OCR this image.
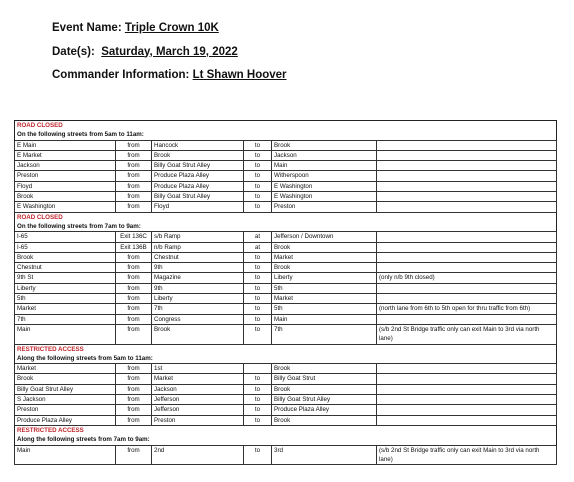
Event Name: Triple Crown 10K
Date(s): Saturday, March 19, 2022
Commander Information: Lt Shawn Hoover
ROAD CLOSED
On the following streets from 5am to 11am:					

E Main	from	Hancock	to	Brook	
E Market	from	Brook	to	Jackson	
Jackson	from	Billy Goat Strut Alley	to	Main	
Preston	from	Produce Plaza Alley	to	Witherspoon	
Floyd	from	Produce Plaza Alley	to	E Washington	
Brook	from	Billy Goat Strut Alley	to	E Washington	
E Washington	from	Floyd	to	Preston	

ROAD CLOSED
On the following streets from 7am to 9am:					

I-65	Exit 136C	s/b Ramp	at	Jefferson / Downtown	
I-65	Exit 136B	n/b Ramp	at	Brook	
Brook	from	Chestnut	to	Market	
Chestnut	from	9th	to	Brook	
9th St	from	Magazine	to	Liberty	(only n/b 9th closed)
Liberty	from	9th	to	5th	
5th	from	Liberty	to	Market	
Market	from	7th	to	5th	(north lane from 6th to 5th open for thru traffic from 6th)
7th	from	Congress	to	Main	
Main	from	Brook	to	7th	(s/b 2nd St Bridge traffic only can exit Main to 3rd via north lane)

RESTRICTED ACCESS
Along the following streets from 5am to 11am:					

Market	from	1st		Brook	
Brook	from	Market	to	Billy Goat Strut	
Billy Goat Strut Alley	from	Jackson	to	Brook	
S Jackson	from	Jefferson	to	Billy Goat Strut Alley	
Preston	from	Jefferson	to	Produce Plaza Alley	
Produce Plaza Alley	from	Preston	to	Brook	

RESTRICTED ACCESS
Along the following streets from 7am to 9am:					

Main	from	2nd	to	3rd	(s/b 2nd St Bridge traffic only can exit Main to 3rd via north lane)
